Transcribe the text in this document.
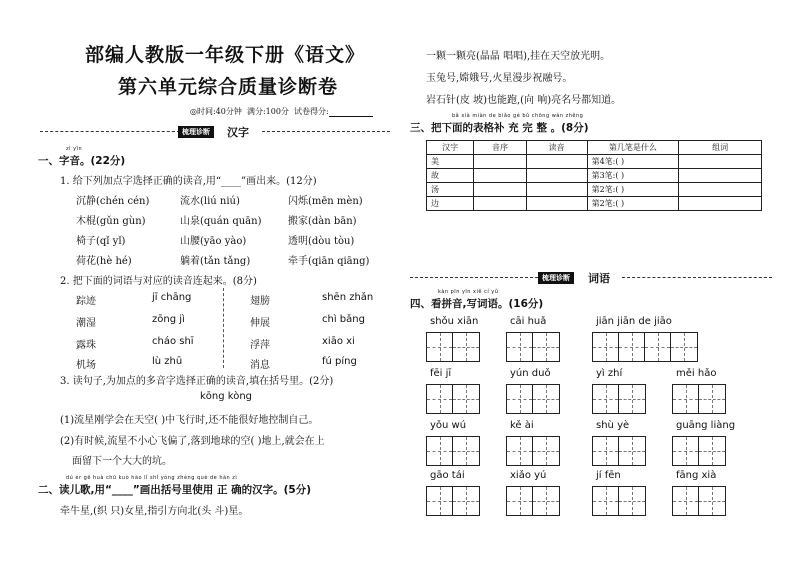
部编人教版一年级下册《语文》
第六单元综合质量诊断卷
◎时间:40分钟 满分:100分 试卷得分:
梳理诊断	汉字
zì yīn
一、字音。(22分)
1. 给下列加点字选择正确的读音,用“____”画出来。(12分)
沉静(chén cén)	流水(liú niú)	闪烁(mēn mèn)
木棍(gǔn gùn)	山泉(quán quān)	搬家(dàn bān)
椅子(qǐ yǐ)	山腰(yāo yào)	透明(dòu tòu)
荷花(hè hé)	躺着(tǎn tǎng)	牵手(qiān qiāng)
2. 把下面的词语与对应的读音连起来。(8分)
踪迹	jī chāng
潮湿	zōng jì
露珠	cháo shī
机场	lù zhū
翅膀	shēn zhǎn
伸展	chì bǎng
浮萍	xiāo xi
消息	fú píng
3. 读句子,为加点的多音字选择正确的读音,填在括号里。(2分)
kōng kòng
(1)流星刚学会在天空( )中飞行时,还不能很好地控制自己。
(2)有时候,流星不小心飞偏了,落到地球的空( )地上,就会在上
面留下一个大大的坑。
dú ér gē huà chū kuò hào lǐ shǐ yòng zhèng què de hàn zì
二、读儿歌,用“____”画出括号里使用 正 确的汉字。(5分)
牵牛星,(织 只)女星,指引方向北(头 斗)星。
一颗一颗亮(晶晶 唱唱),挂在天空放光明。
玉兔号,嫦娥号,火星漫步祝融号。
岩石针(皮 坡)也能跑,(向 响)亮名号都知道。
bǎ xià miàn de biǎo gé bǔ chōng wán zhěng
三、把下面的表格补 充 完 整 。(8分)
汉字	音序	读音	第几笔是什么	组词
美			第4笔:( )	
故			第3笔:( )	
汤			第2笔:( )	
边			第2笔:( )	
梳理诊断	词语
kàn pīn yīn xiě cí yǔ
四、看拼音,写词语。(16分)
shǒu xiān	cāi huǎ	jiān jiān de jiāo
fēi jī	yún duǒ	yì zhí	měi hǎo
yǒu wú	kě ài	shù yè	guāng liàng
gāo tái	xiǎo yú	jí fēn	fāng xià
